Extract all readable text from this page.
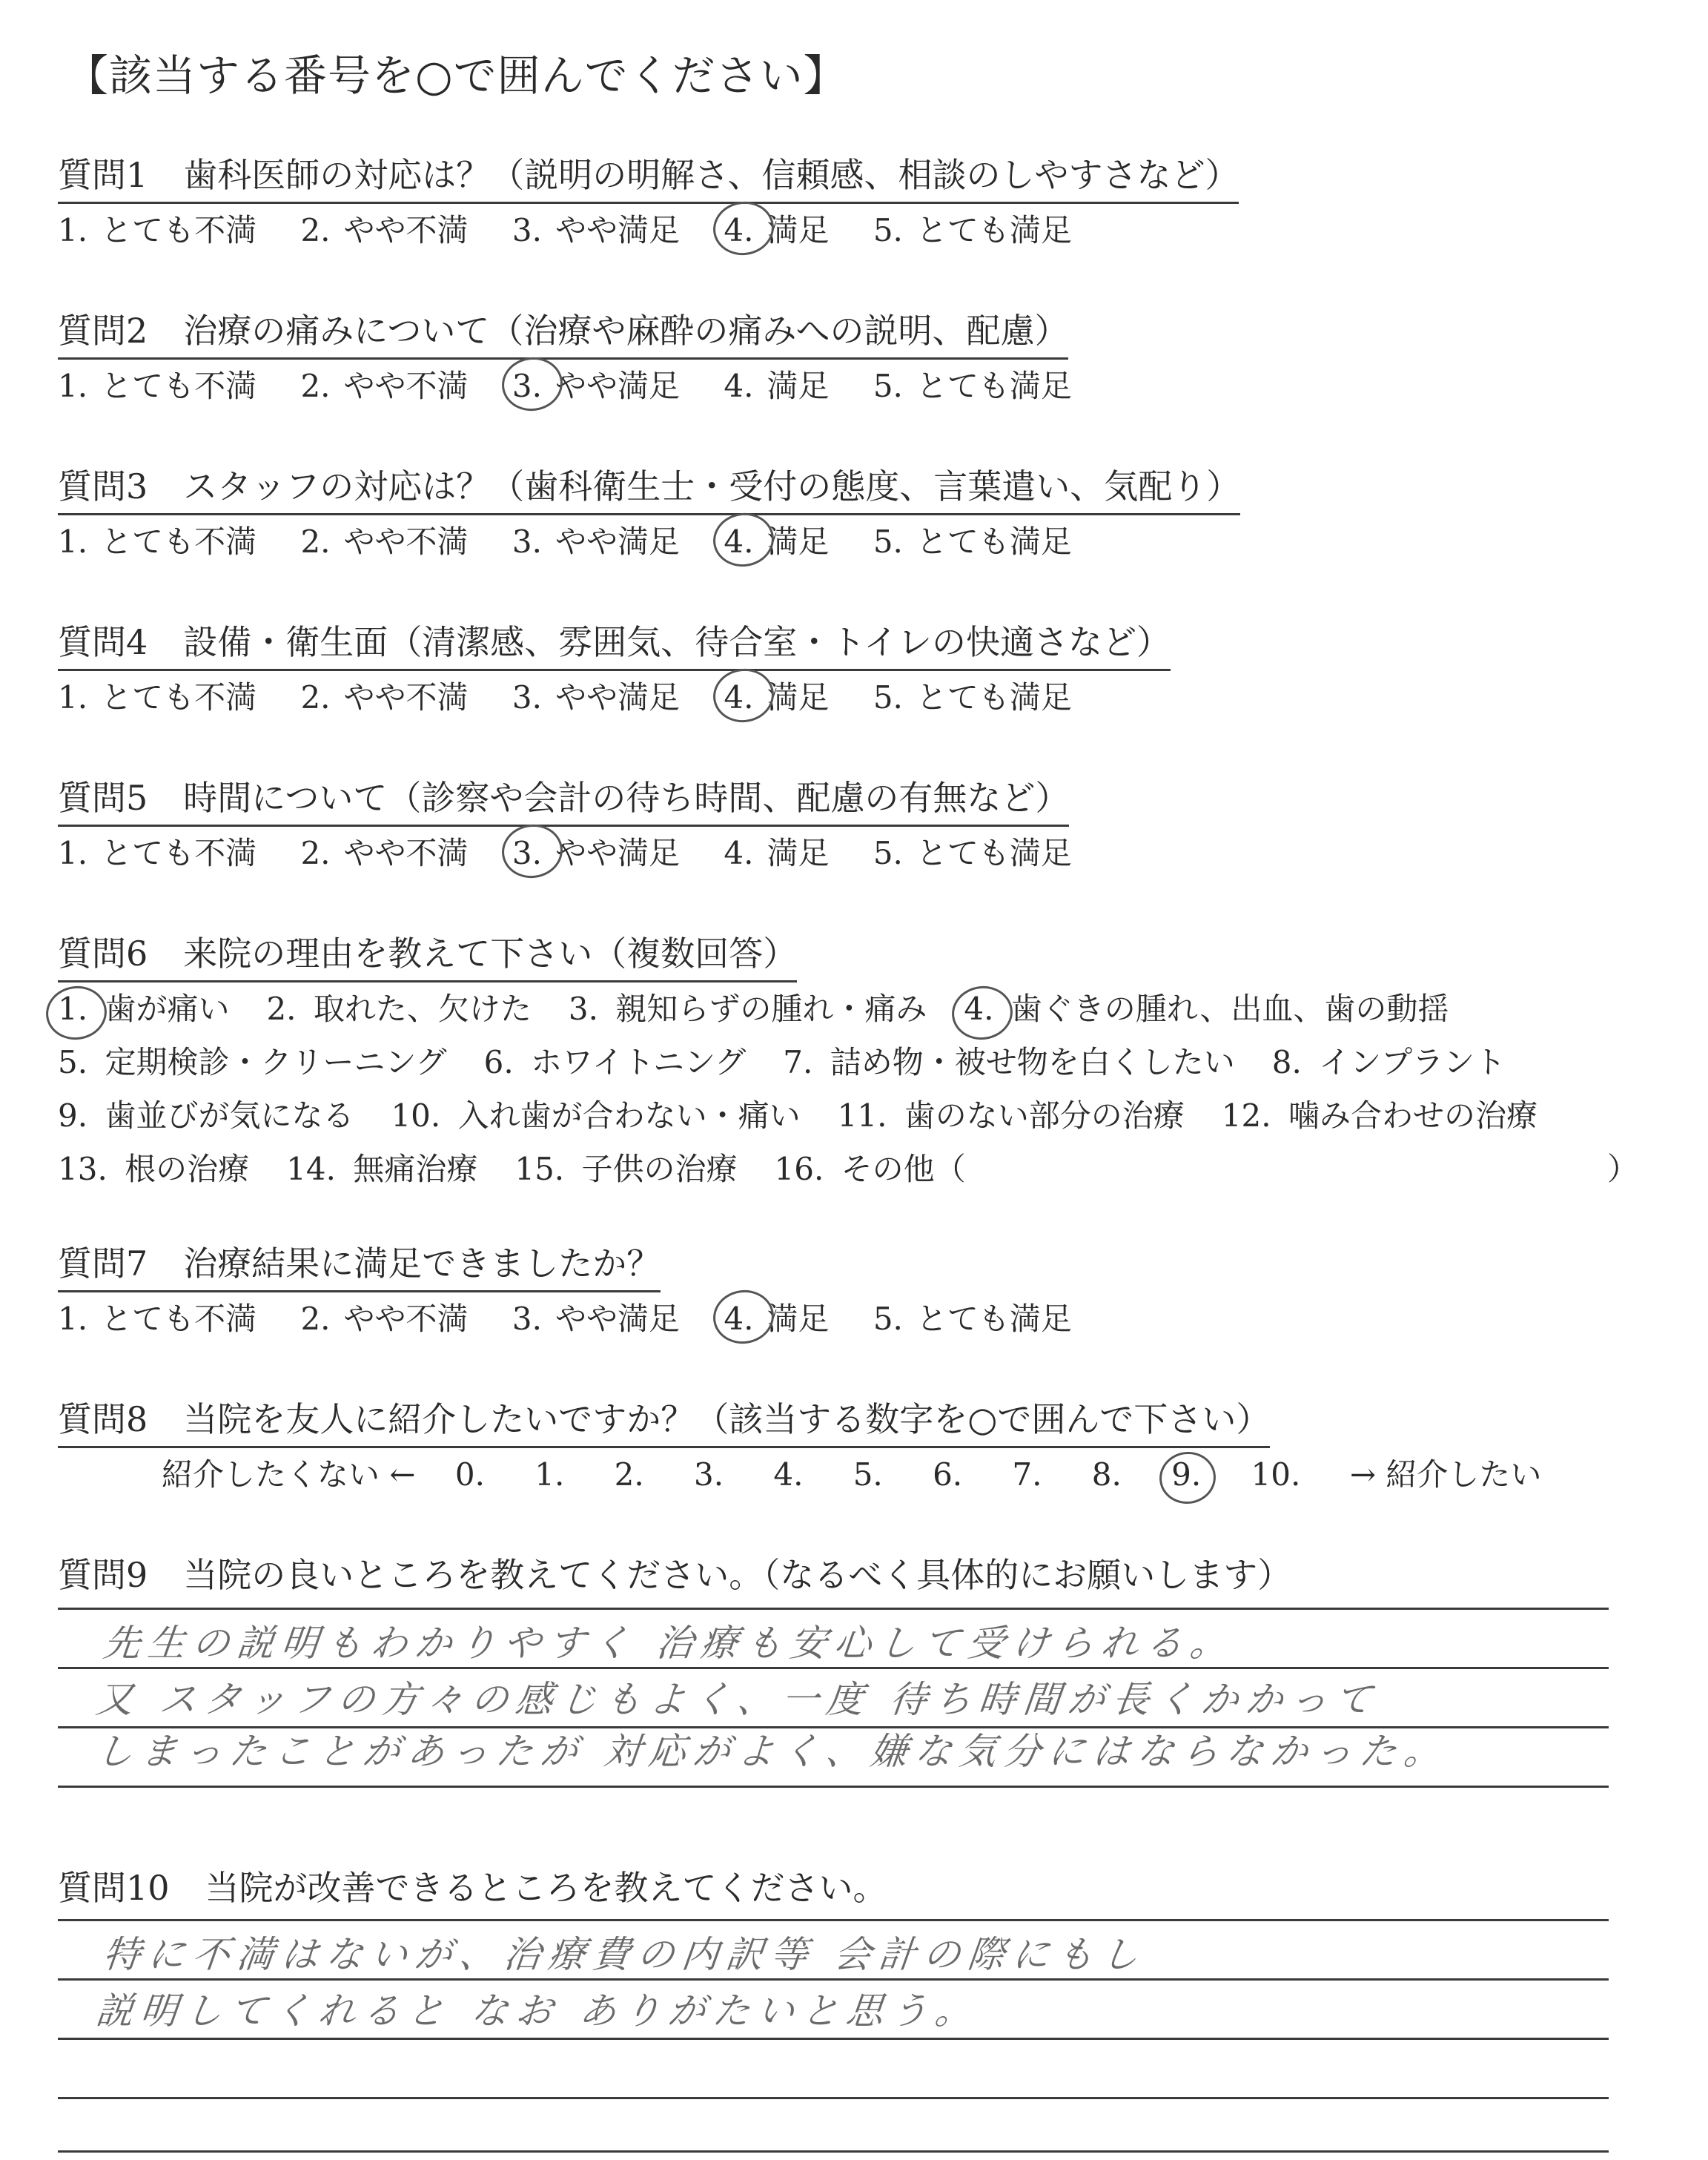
【該当する番号を○で囲んでください】
質問1 歯科医師の対応は？（説明の明解さ、信頼感、相談のしやすさなど）
1. とても不満 2. やや不満 3. やや満足 4. 満足 5. とても満足
質問2 治療の痛みについて（治療や麻酔の痛みへの説明、配慮）
1. とても不満 2. やや不満 3. やや満足 4. 満足 5. とても満足
質問3 スタッフの対応は？（歯科衛生士・受付の態度、言葉遣い、気配り）
1. とても不満 2. やや不満 3. やや満足 4. 満足 5. とても満足
質問4 設備・衛生面（清潔感、雰囲気、待合室・トイレの快適さなど）
1. とても不満 2. やや不満 3. やや満足 4. 満足 5. とても満足
質問5 時間について（診察や会計の待ち時間、配慮の有無など）
1. とても不満 2. やや不満 3. やや満足 4. 満足 5. とても満足
質問6 来院の理由を教えて下さい（複数回答）
1. 歯が痛い 2. 取れた、欠けた 3. 親知らずの腫れ・痛み 4. 歯ぐきの腫れ、出血、歯の動揺
5. 定期検診・クリーニング 6. ホワイトニング 7. 詰め物・被せ物を白くしたい 8. インプラント
9. 歯並びが気になる 10. 入れ歯が合わない・痛い 11. 歯のない部分の治療 12. 噛み合わせの治療
13. 根の治療 14. 無痛治療 15. 子供の治療 16. その他（	）
質問7 治療結果に満足できましたか？
1. とても不満 2. やや不満 3. やや満足 4. 満足 5. とても満足
質問8 当院を友人に紹介したいですか？（該当する数字を○で囲んで下さい）
紹介したくない ← 0. 1. 2. 3. 4. 5. 6. 7. 8. 9. 10. → 紹介したい
質問9 当院の良いところを教えてください。（なるべく具体的にお願いします）
先生の説明もわかりやすく 治療も安心して受けられる。
又 スタッフの方々の感じもよく、一度 待ち時間が長くかかって
しまったことがあったが 対応がよく、嫌な気分にはならなかった。
質問10 当院が改善できるところを教えてください。
特に不満はないが、治療費の内訳等 会計の際にもし
説明してくれると なお ありがたいと思う。
